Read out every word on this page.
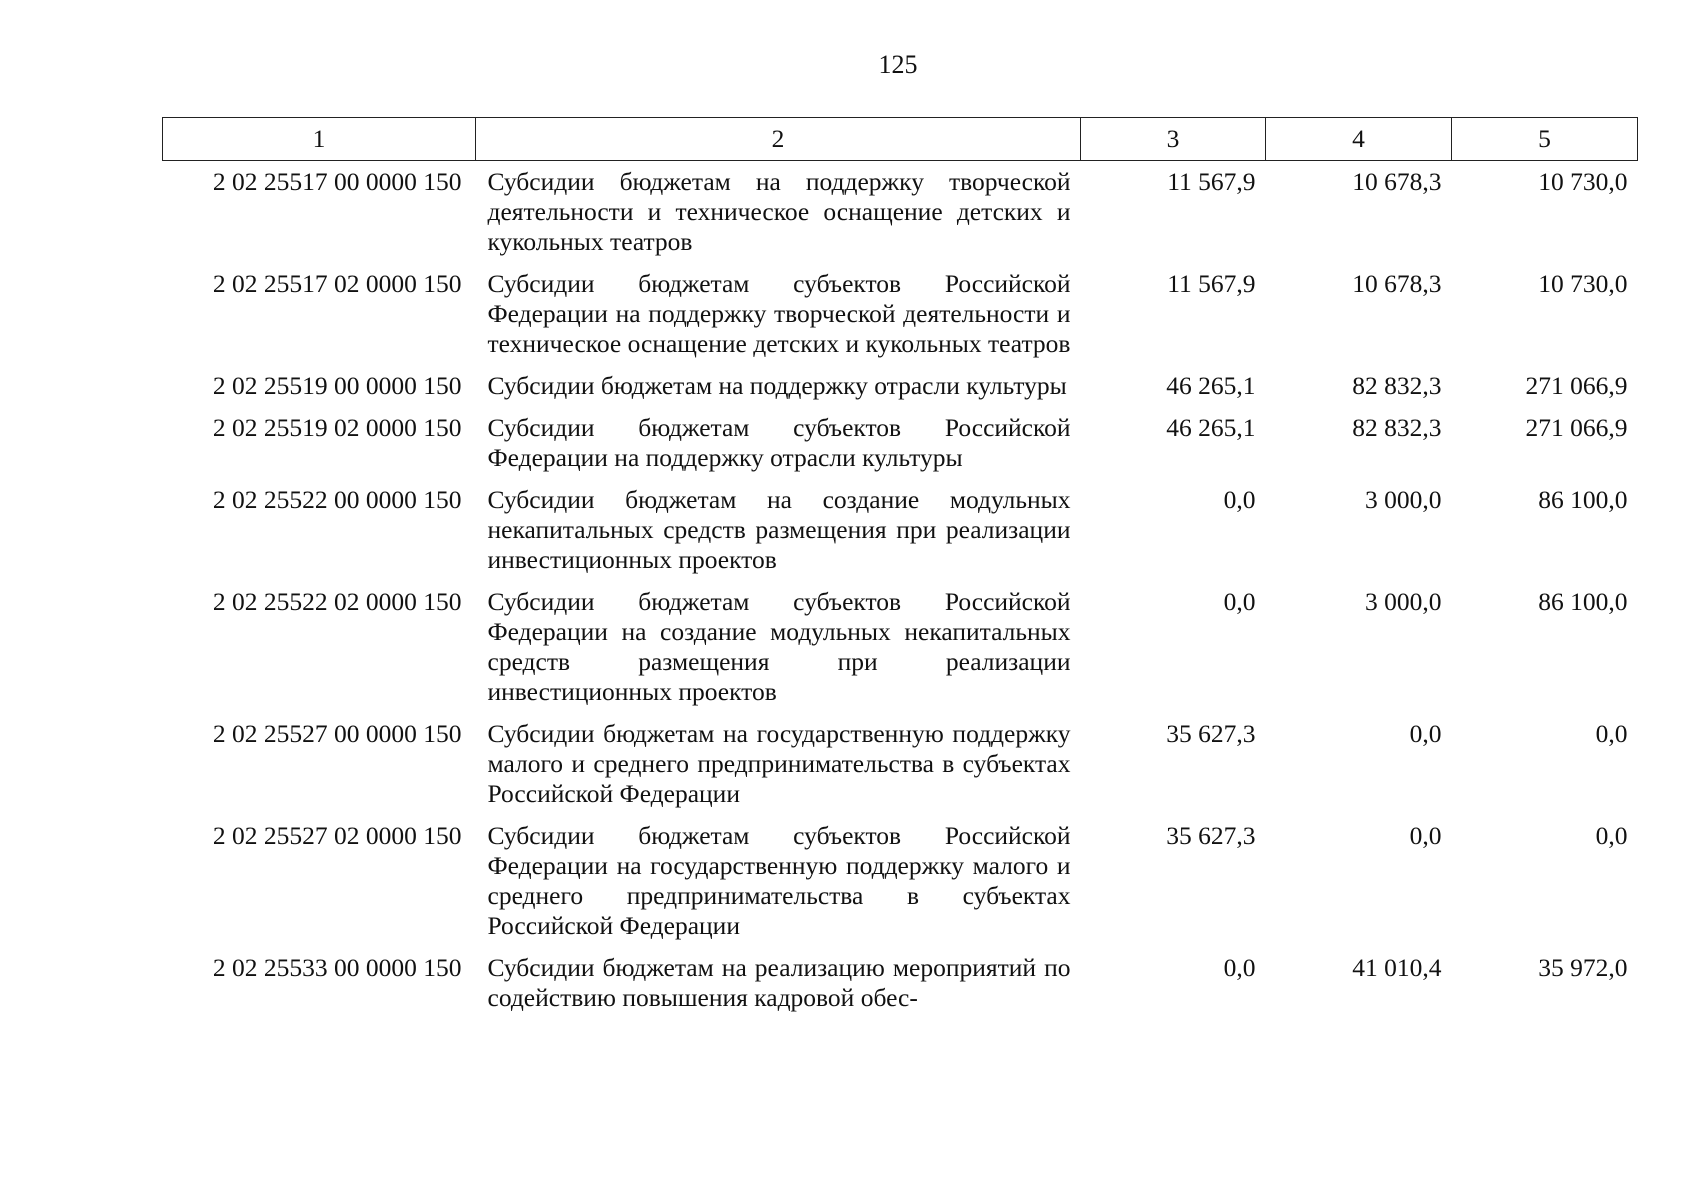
125
1	2	3	4	5
2 02 25517 00 0000 150	Субсидии бюджетам на поддержку творческой деятельности и техническое оснащение детских и кукольных театров	11 567,9	10 678,3	10 730,0
2 02 25517 02 0000 150	Субсидии бюджетам субъектов Российской Федерации на поддержку творческой деятельности и техническое оснащение детских и кукольных театров	11 567,9	10 678,3	10 730,0
2 02 25519 00 0000 150	Субсидии бюджетам на поддержку отрасли культуры	46 265,1	82 832,3	271 066,9
2 02 25519 02 0000 150	Субсидии бюджетам субъектов Российской Федерации на поддержку отрасли культуры	46 265,1	82 832,3	271 066,9
2 02 25522 00 0000 150	Субсидии бюджетам на создание модульных некапитальных средств размещения при реализации инвестиционных проектов	0,0	3 000,0	86 100,0
2 02 25522 02 0000 150	Субсидии бюджетам субъектов Российской Федерации на создание модульных некапитальных средств размещения при реализации инвестиционных проектов	0,0	3 000,0	86 100,0
2 02 25527 00 0000 150	Субсидии бюджетам на государственную поддержку малого и среднего предпринимательства в субъектах Российской Федерации	35 627,3	0,0	0,0
2 02 25527 02 0000 150	Субсидии бюджетам субъектов Российской Федерации на государственную поддержку малого и среднего предпринимательства в субъектах Российской Федерации	35 627,3	0,0	0,0
2 02 25533 00 0000 150	Субсидии бюджетам на реализацию мероприятий по содействию повышения кадровой обес-	0,0	41 010,4	35 972,0
